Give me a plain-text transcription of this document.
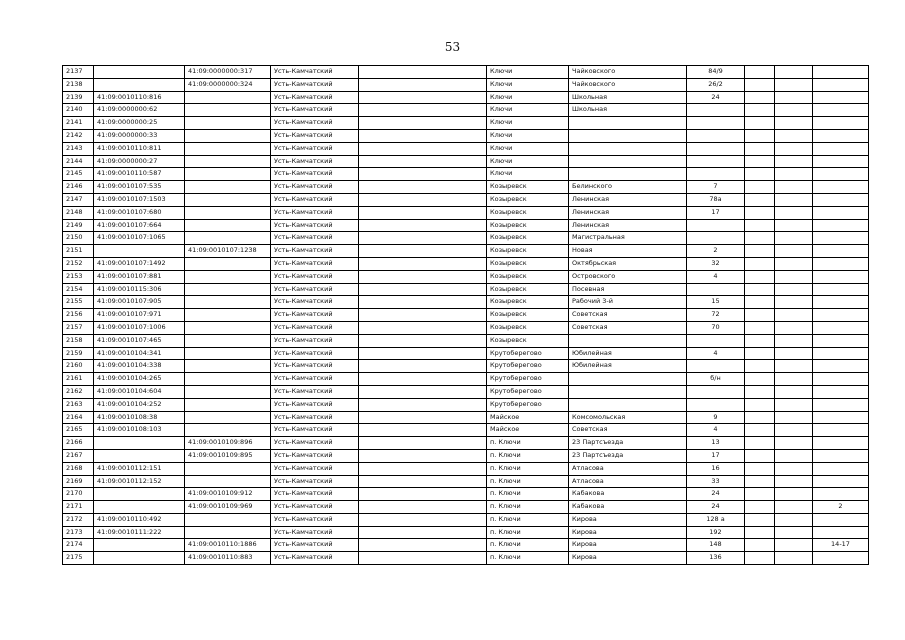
53
2137		41:09:0000000:317	Усть-Камчатский		Ключи	Чайковского	84/9			
2138		41:09:0000000:324	Усть-Камчатский		Ключи	Чайковского	26/2			
2139	41:09:0010110:816		Усть-Камчатский		Ключи	Школьная	24			
2140	41:09:0000000:62		Усть-Камчатский		Ключи	Школьная				
2141	41:09:0000000:25		Усть-Камчатский		Ключи					
2142	41:09:0000000:33		Усть-Камчатский		Ключи					
2143	41:09:0010110:811		Усть-Камчатский		Ключи					
2144	41:09:0000000:27		Усть-Камчатский		Ключи					
2145	41:09:0010110:587		Усть-Камчатский		Ключи					
2146	41:09:0010107:535		Усть-Камчатский		Козыревск	Белинского	7			
2147	41:09:0010107:1503		Усть-Камчатский		Козыревск	Ленинская	78а			
2148	41:09:0010107:680		Усть-Камчатский		Козыревск	Ленинская	17			
2149	41:09:0010107:664		Усть-Камчатский		Козыревск	Ленинская				
2150	41:09:0010107:1065		Усть-Камчатский		Козыревск	Магистральная				
2151		41:09:0010107:1238	Усть-Камчатский		Козыревск	Новая	2			
2152	41:09:0010107:1492		Усть-Камчатский		Козыревск	Октябрьская	32			
2153	41:09:0010107:881		Усть-Камчатский		Козыревск	Островского	4			
2154	41:09:0010115:306		Усть-Камчатский		Козыревск	Посевная				
2155	41:09:0010107:905		Усть-Камчатский		Козыревск	Рабочий 3-й	15			
2156	41:09:0010107:971		Усть-Камчатский		Козыревск	Советская	72			
2157	41:09:0010107:1006		Усть-Камчатский		Козыревск	Советская	70			
2158	41:09:0010107:465		Усть-Камчатский		Козыревск					
2159	41:09:0010104:341		Усть-Камчатский		Крутоберегово	Юбилейная	4			
2160	41:09:0010104:338		Усть-Камчатский		Крутоберегово	Юбилейная				
2161	41:09:0010104:265		Усть-Камчатский		Крутоберегово		б/н			
2162	41:09:0010104:604		Усть-Камчатский		Крутоберегово					
2163	41:09:0010104:252		Усть-Камчатский		Крутоберегово					
2164	41:09:0010108:38		Усть-Камчатский		Майское	Комсомольская	9			
2165	41:09:0010108:103		Усть-Камчатский		Майское	Советская	4			
2166		41:09:0010109:896	Усть-Камчатский		п. Ключи	23 Партсъезда	13			
2167		41:09:0010109:895	Усть-Камчатский		п. Ключи	23 Партсъезда	17			
2168	41:09:0010112:151		Усть-Камчатский		п. Ключи	Атласова	16			
2169	41:09:0010112:152		Усть-Камчатский		п. Ключи	Атласова	33			
2170		41:09:0010109:912	Усть-Камчатский		п. Ключи	Кабакова	24			
2171		41:09:0010109:969	Усть-Камчатский		п. Ключи	Кабакова	24			2
2172	41:09:0010110:492		Усть-Камчатский		п. Ключи	Кирова	128 а			
2173	41:09:0010111:222		Усть-Камчатский		п. Ключи	Кирова	192			
2174		41:09:0010110:1886	Усть-Камчатский		п. Ключи	Кирова	148			14-17
2175		41:09:0010110:883	Усть-Камчатский		п. Ключи	Кирова	136			
